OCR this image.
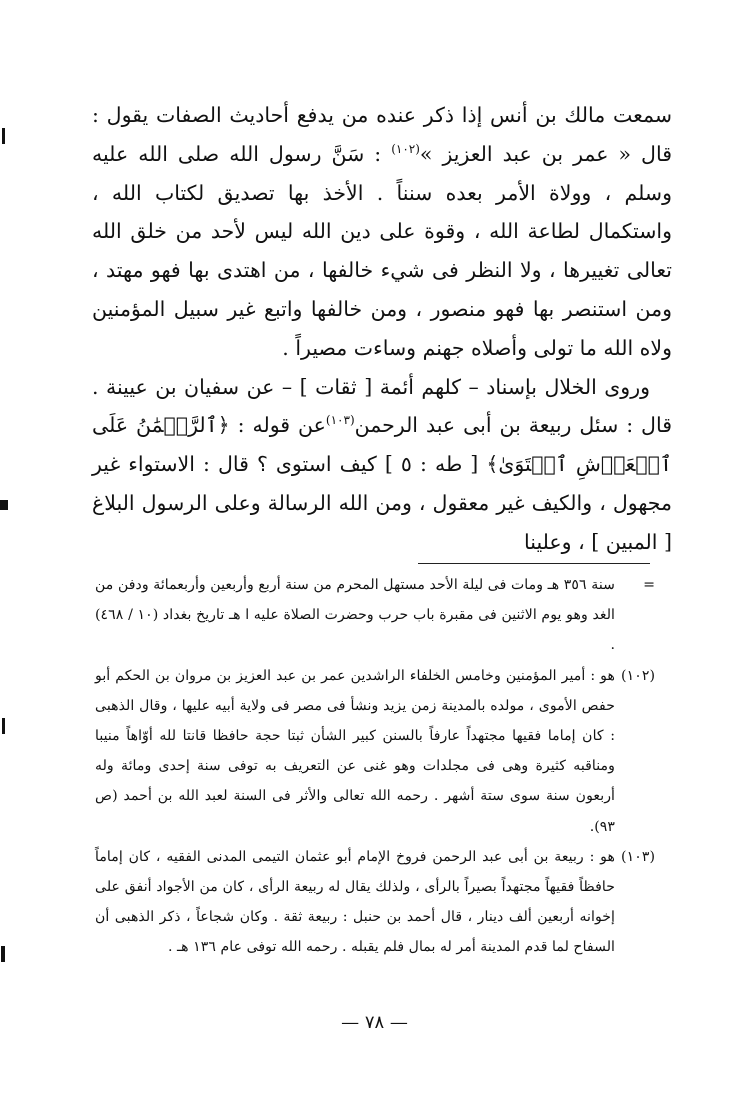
سمعت مالك بن أنس إذا ذكر عنده من يدفع أحاديث الصفات يقول : قال « عمر بن عبد العزيز »$^{(١٠٢)}$ : سَنَّ رسول الله صلى الله عليه وسلم ، وولاة الأمر بعده سنناً . الأخذ بها تصديق لكتاب الله ، واستكمال لطاعة الله ، وقوة على دين الله ليس لأحد من خلق الله تعالى تغييرها ، ولا النظر فى شيء خالفها ، من اهتدى بها فهو مهتد ، ومن استنصر بها فهو منصور ، ومن خالفها واتبع غير سبيل المؤمنين ولاه الله ما تولى وأصلاه جهنم وساءت مصيراً .

وروى الخلال بإسناد – كلهم أئمة [ ثقات ] – عن سفيان بن عيينة . قال : سئل ربيعة بن أبى عبد الرحمن$^{(١٠٣)}$عن قوله : ﴿ٱلرَّحۡمَٰنُ عَلَى ٱلۡعَرۡشِ ٱسۡتَوَىٰ﴾ [ طه : ٥ ] كيف استوى ؟ قال : الاستواء غير مجهول ، والكيف غير معقول ، ومن الله الرسالة وعلى الرسول البلاغ [ المبين ] ، وعلينا

=
سنة ٣٥٦ هـ ومات فى ليلة الأحد مستهل المحرم من سنة أربع وأربعين وأربعمائة ودفن من الغد وهو يوم الاثنين فى مقبرة باب حرب وحضرت الصلاة عليه ا هـ تاريخ بغداد (١٠ / ٤٦٨) .

(١٠٢)
هو : أمير المؤمنين وخامس الخلفاء الراشدين عمر بن عبد العزيز بن مروان بن الحكم أبو حفص الأموى ، مولده بالمدينة زمن يزيد ونشأ فى مصر فى ولاية أبيه عليها ، وقال الذهبى : كان إماما فقيها مجتهداً عارفاً بالسنن كبير الشأن ثبتا حجة حافظا قانتا لله أوّاهاً منيبا ومناقبه كثيرة وهى فى مجلدات وهو غنى عن التعريف به توفى سنة إحدى ومائة وله أربعون سنة سوى ستة أشهر . رحمه الله تعالى والأثر فى السنة لعبد الله بن أحمد (ص ٩٣).

(١٠٣)
هو : ربيعة بن أبى عبد الرحمن فروخ الإمام أبو عثمان التيمى المدنى الفقيه ، كان إماماً حافظاً فقيهاً مجتهداً بصيراً بالرأى ، ولذلك يقال له ربيعة الرأى ، كان من الأجواد أنفق على إخوانه أربعين ألف دينار ، قال أحمد بن حنبل : ربيعة ثقة . وكان شجاعاً ، ذكر الذهبى أن السفاح لما قدم المدينة أمر له بمال فلم يقبله . رحمه الله توفى عام ١٣٦ هـ .

— ٧٨ —
